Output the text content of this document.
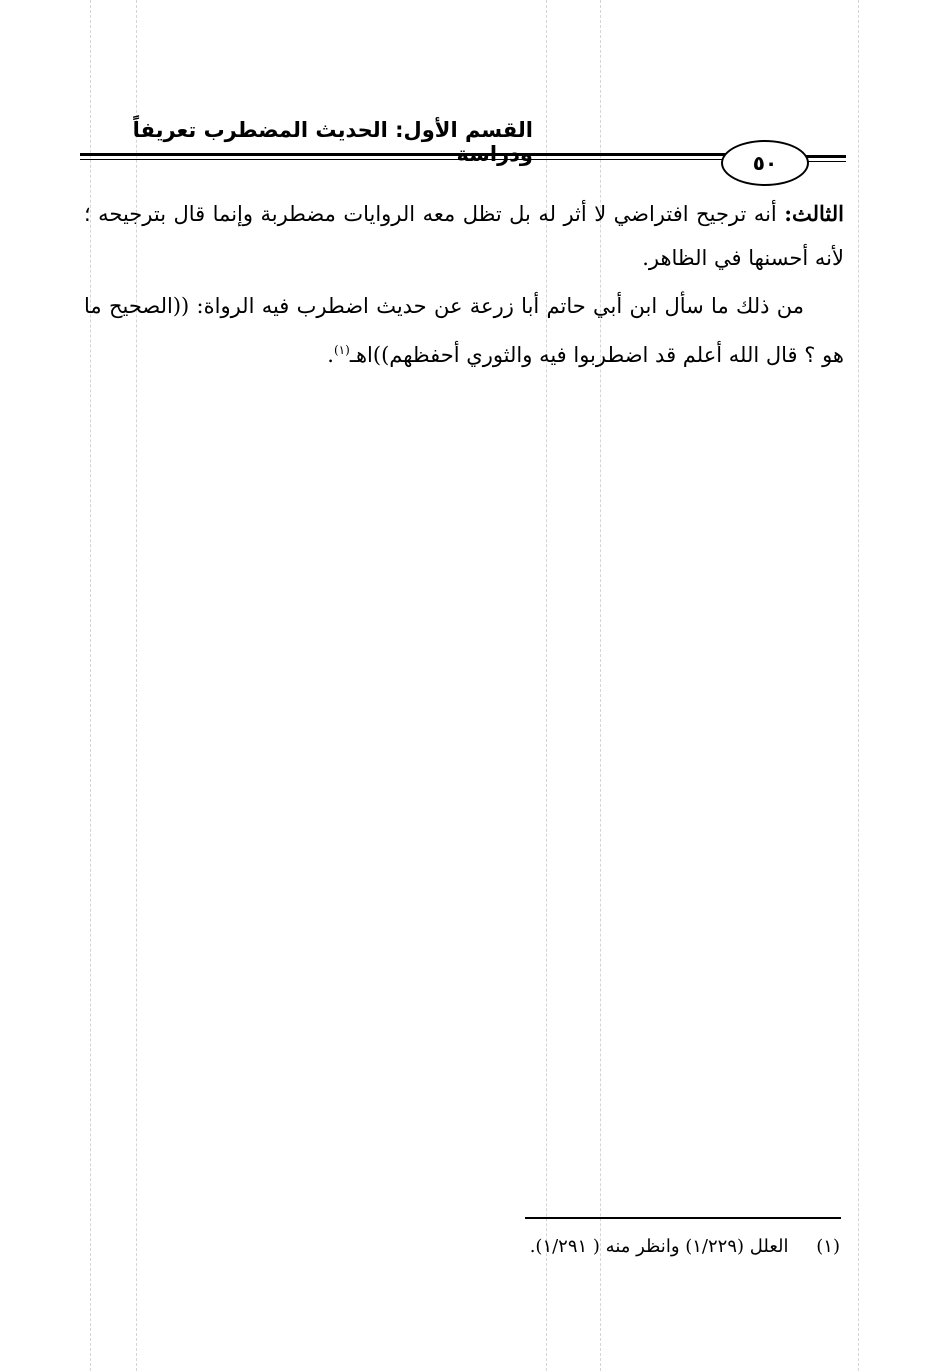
القسم الأول: الحديث المضطرب تعريفاً ودراسة	٥٠

الثالث: أنه ترجيح افتراضي لا أثر له بل تظل معه الروايات مضطربة وإنما قال بترجيحه ؛ لأنه أحسنها في الظاهر.

من ذلك ما سأل ابن أبي حاتم أبا زرعة عن حديث اضطرب فيه الرواة: ((الصحيح ما هو ؟ قال الله أعلم قد اضطربوا فيه والثوري أحفظهم))اهـ$^{(١)}$.

(١) العلل (١/٢٢٩) وانظر منه ( ١/٢٩١).
